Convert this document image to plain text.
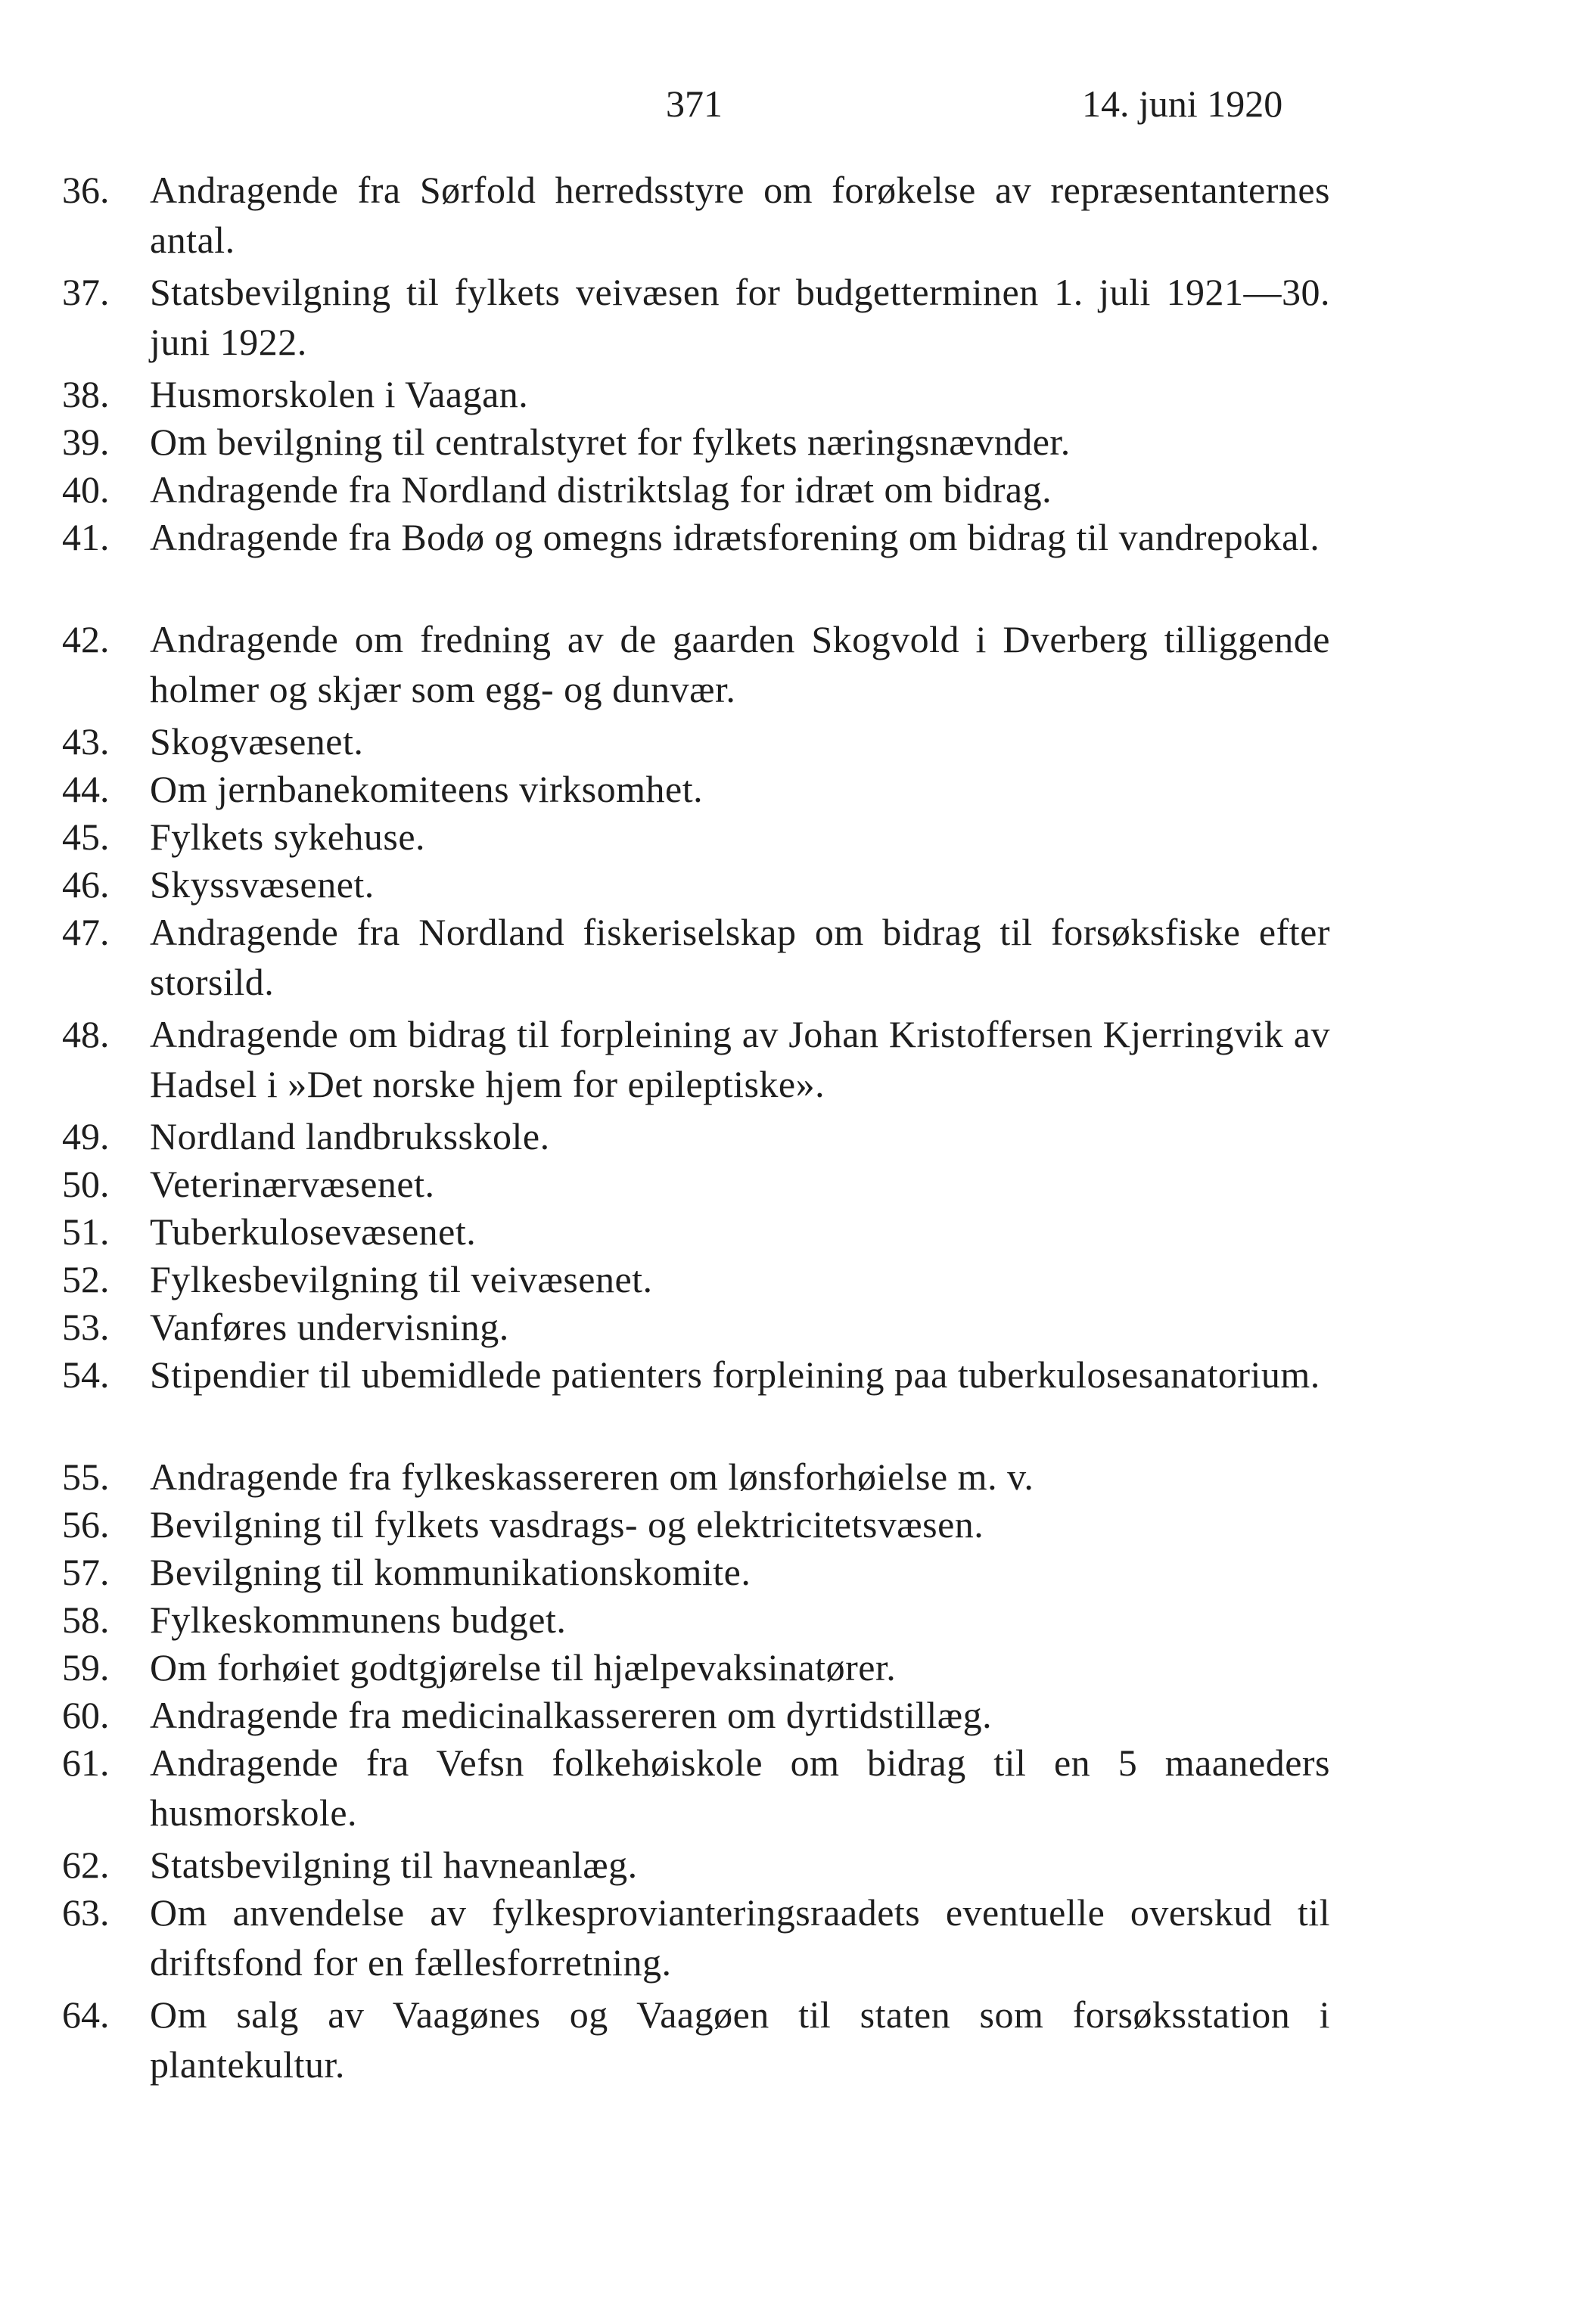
371	14. juni 1920
36.	Andragende fra Sørfold herredsstyre om forøkelse av repræsentanternes antal.
37.	Statsbevilgning til fylkets veivæsen for budgetterminen 1. juli 1921—30. juni 1922.
38.	Husmorskolen i Vaagan.
39.	Om bevilgning til centralstyret for fylkets næringsnævnder.
40.	Andragende fra Nordland distriktslag for idræt om bidrag.
41.	Andragende fra Bodø og omegns idrætsforening om bidrag til vandrepokal.
42.	Andragende om fredning av de gaarden Skogvold i Dverberg tilliggende holmer og skjær som egg- og dunvær.
43.	Skogvæsenet.
44.	Om jernbanekomiteens virksomhet.
45.	Fylkets sykehuse.
46.	Skyssvæsenet.
47.	Andragende fra Nordland fiskeriselskap om bidrag til forsøksfiske efter storsild.
48.	Andragende om bidrag til forpleining av Johan Kristoffersen Kjerringvik av Hadsel i »Det norske hjem for epileptiske».
49.	Nordland landbruksskole.
50.	Veterinærvæsenet.
51.	Tuberkulosevæsenet.
52.	Fylkesbevilgning til veivæsenet.
53.	Vanføres undervisning.
54.	Stipendier til ubemidlede patienters forpleining paa tuberkulosesanatorium.
55.	Andragende fra fylkeskassereren om lønsforhøielse m. v.
56.	Bevilgning til fylkets vasdrags- og elektricitetsvæsen.
57.	Bevilgning til kommunikationskomite.
58.	Fylkeskommunens budget.
59.	Om forhøiet godtgjørelse til hjælpevaksinatører.
60.	Andragende fra medicinalkassereren om dyrtidstillæg.
61.	Andragende fra Vefsn folkehøiskole om bidrag til en 5 maaneders husmorskole.
62.	Statsbevilgning til havneanlæg.
63.	Om anvendelse av fylkesprovianteringsraadets eventuelle overskud til driftsfond for en fællesforretning.
64.	Om salg av Vaagønes og Vaagøen til staten som forsøksstation i plantekultur.
